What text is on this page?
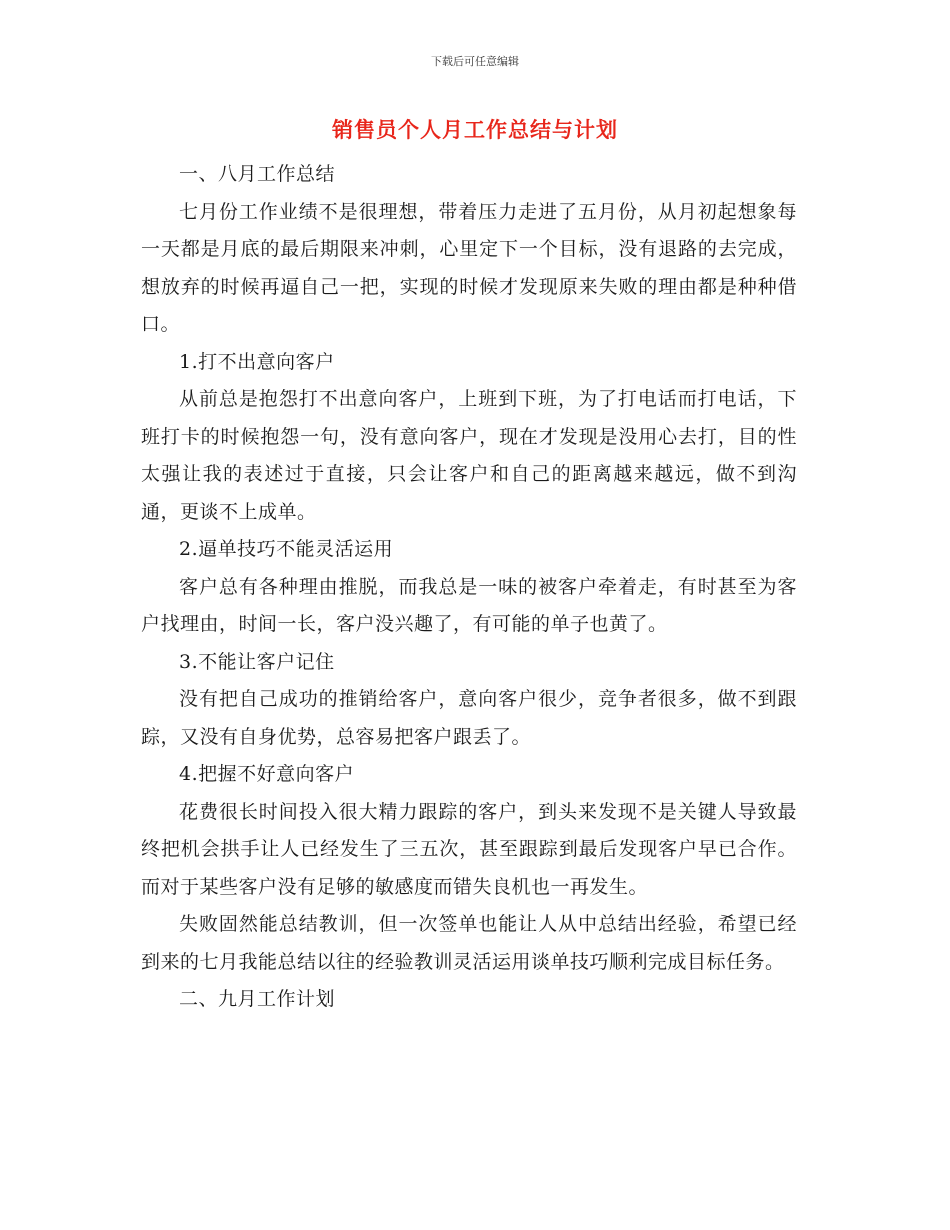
下载后可任意编辑
销售员个人月工作总结与计划

一、八月工作总结

七月份工作业绩不是很理想，带着压力走进了五月份，从月初起想象每一天都是月底的最后期限来冲刺，心里定下一个目标，没有退路的去完成，想放弃的时候再逼自己一把，实现的时候才发现原来失败的理由都是种种借口。

1.打不出意向客户

从前总是抱怨打不出意向客户，上班到下班，为了打电话而打电话，下班打卡的时候抱怨一句，没有意向客户，现在才发现是没用心去打，目的性太强让我的表述过于直接，只会让客户和自己的距离越来越远，做不到沟通，更谈不上成单。

2.逼单技巧不能灵活运用

客户总有各种理由推脱，而我总是一味的被客户牵着走，有时甚至为客户找理由，时间一长，客户没兴趣了，有可能的单子也黄了。

3.不能让客户记住

没有把自己成功的推销给客户，意向客户很少，竞争者很多，做不到跟踪，又没有自身优势，总容易把客户跟丢了。

4.把握不好意向客户

花费很长时间投入很大精力跟踪的客户，到头来发现不是关键人导致最终把机会拱手让人已经发生了三五次，甚至跟踪到最后发现客户早已合作。而对于某些客户没有足够的敏感度而错失良机也一再发生。

失败固然能总结教训，但一次签单也能让人从中总结出经验，希望已经到来的七月我能总结以往的经验教训灵活运用谈单技巧顺利完成目标任务。

二、九月工作计划
